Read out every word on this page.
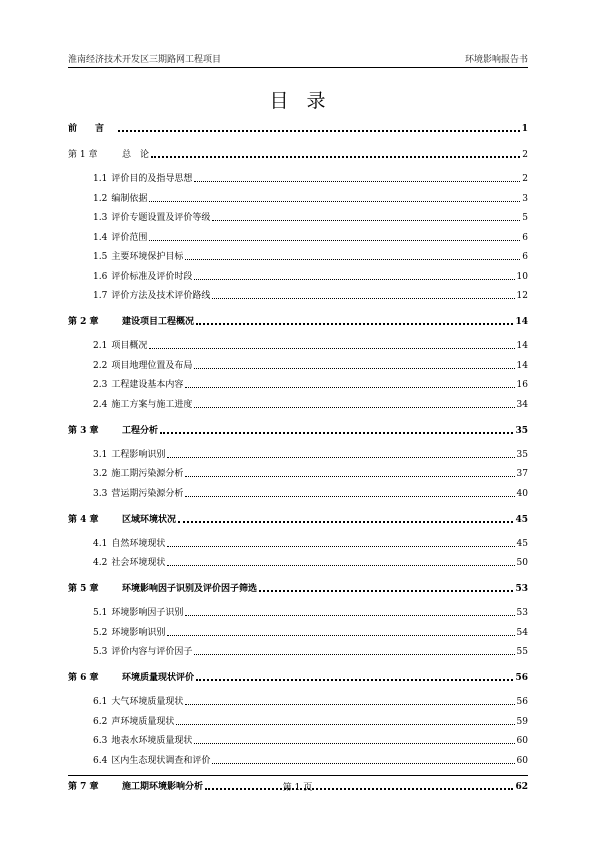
淮南经济技术开发区三期路网工程项目	环境影响报告书
目录
前　　言	1
第 1 章	总　论	2
1.1 评价目的及指导思想	2
1.2 编制依据	3
1.3 评价专题设置及评价等级	5
1.4 评价范围	6
1.5 主要环境保护目标	6
1.6 评价标准及评价时段	10
1.7 评价方法及技术评价路线	12
第 2 章	建设项目工程概况	14
2.1 项目概况	14
2.2 项目地理位置及布局	14
2.3 工程建设基本内容	16
2.4 施工方案与施工进度	34
第 3 章	工程分析	35
3.1 工程影响识别	35
3.2 施工期污染源分析	37
3.3 营运期污染源分析	40
第 4 章	区域环境状况	45
4.1 自然环境现状	45
4.2 社会环境现状	50
第 5 章	环境影响因子识别及评价因子筛选	53
5.1 环境影响因子识别	53
5.2 环境影响识别	54
5.3 评价内容与评价因子	55
第 6 章	环境质量现状评价	56
6.1 大气环境质量现状	56
6.2 声环境质量现状	59
6.3 地表水环境质量现状	60
6.4 区内生态现状调查和评价	60
第 7 章	施工期环境影响分析	62
第 1 页
